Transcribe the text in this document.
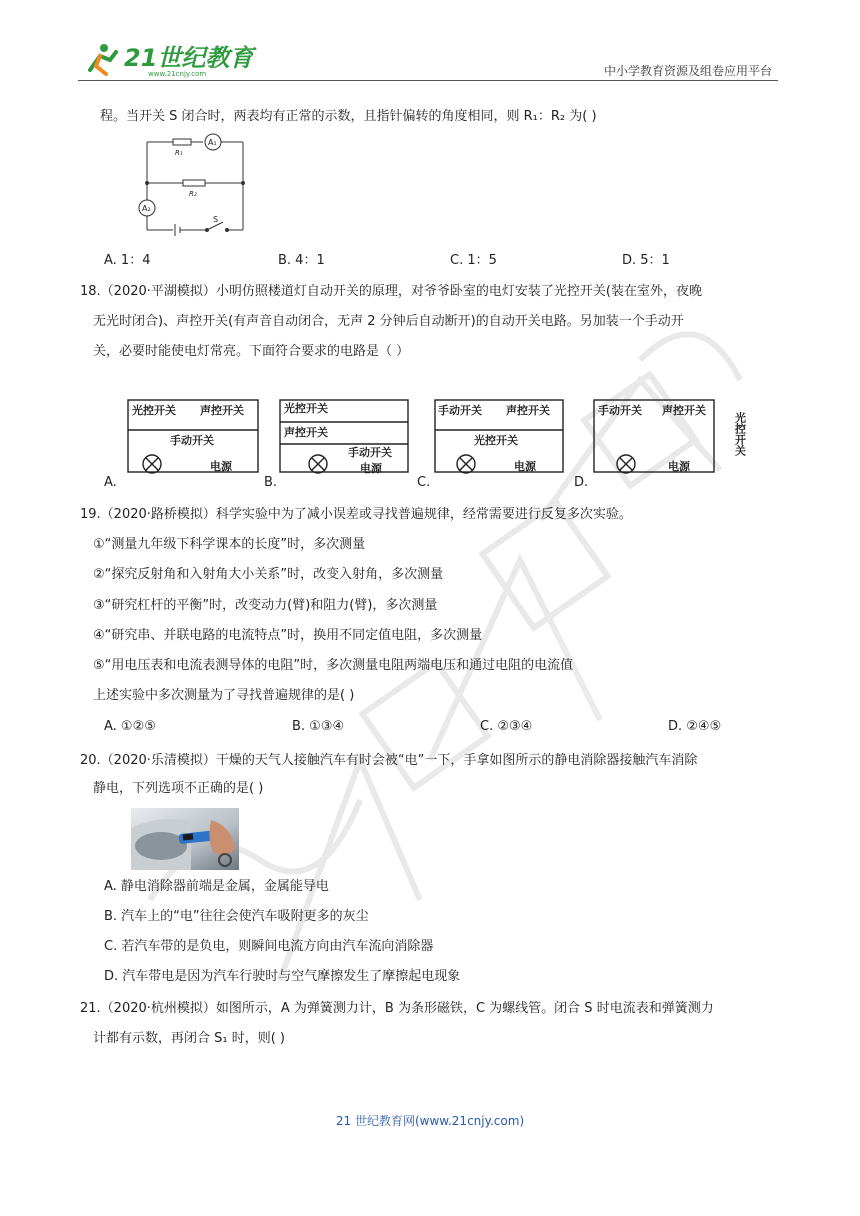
21世纪教育
www.21cnjy.com	中小学教育资源及组卷应用平台
程。当开关 S 闭合时，两表均有正常的示数，且指针偏转的角度相同，则 R₁：R₂ 为( )
A₁
A₂
R₁
R₂
S
A. 1：4	B. 4：1	C. 1：5	D. 5：1
18.（2020·平湖模拟）小明仿照楼道灯自动开关的原理，对爷爷卧室的电灯安装了光控开关(装在室外，夜晚
无光时闭合)、声控开关(有声音自动闭合，无声 2 分钟后自动断开)的自动开关电路。另加装一个手动开
关，必要时能使电灯常亮。下面符合要求的电路是（ ）
光控开关 声控开关
手动开关
电源
光控开关
声控开关
手动开关
电源
手动开关 声控开关
光控开关
电源
手动开关 声控开关
电源
光控开关
A.	B.	C.	D.
19.（2020·路桥模拟）科学实验中为了减小误差或寻找普遍规律，经常需要进行反复多次实验。
①“测量九年级下科学课本的长度”时，多次测量
②“探究反射角和入射角大小关系”时，改变入射角，多次测量
③“研究杠杆的平衡”时，改变动力(臂)和阻力(臂)，多次测量
④“研究串、并联电路的电流特点”时，换用不同定值电阻，多次测量
⑤“用电压表和电流表测导体的电阻”时，多次测量电阻两端电压和通过电阻的电流值
上述实验中多次测量为了寻找普遍规律的是( )
A. ①②⑤	B. ①③④	C. ②③④	D. ②④⑤
20.（2020·乐清模拟）干燥的天气人接触汽车有时会被“电”一下，手拿如图所示的静电消除器接触汽车消除
静电，下列选项不正确的是( )
A. 静电消除器前端是金属，金属能导电
B. 汽车上的“电”往往会使汽车吸附更多的灰尘
C. 若汽车带的是负电，则瞬间电流方向由汽车流向消除器
D. 汽车带电是因为汽车行驶时与空气摩擦发生了摩擦起电现象
21.（2020·杭州模拟）如图所示，A 为弹簧测力计，B 为条形磁铁，C 为螺线管。闭合 S 时电流表和弹簧测力
计都有示数，再闭合 S₁ 时，则( )
21 世纪教育网(www.21cnjy.com)
